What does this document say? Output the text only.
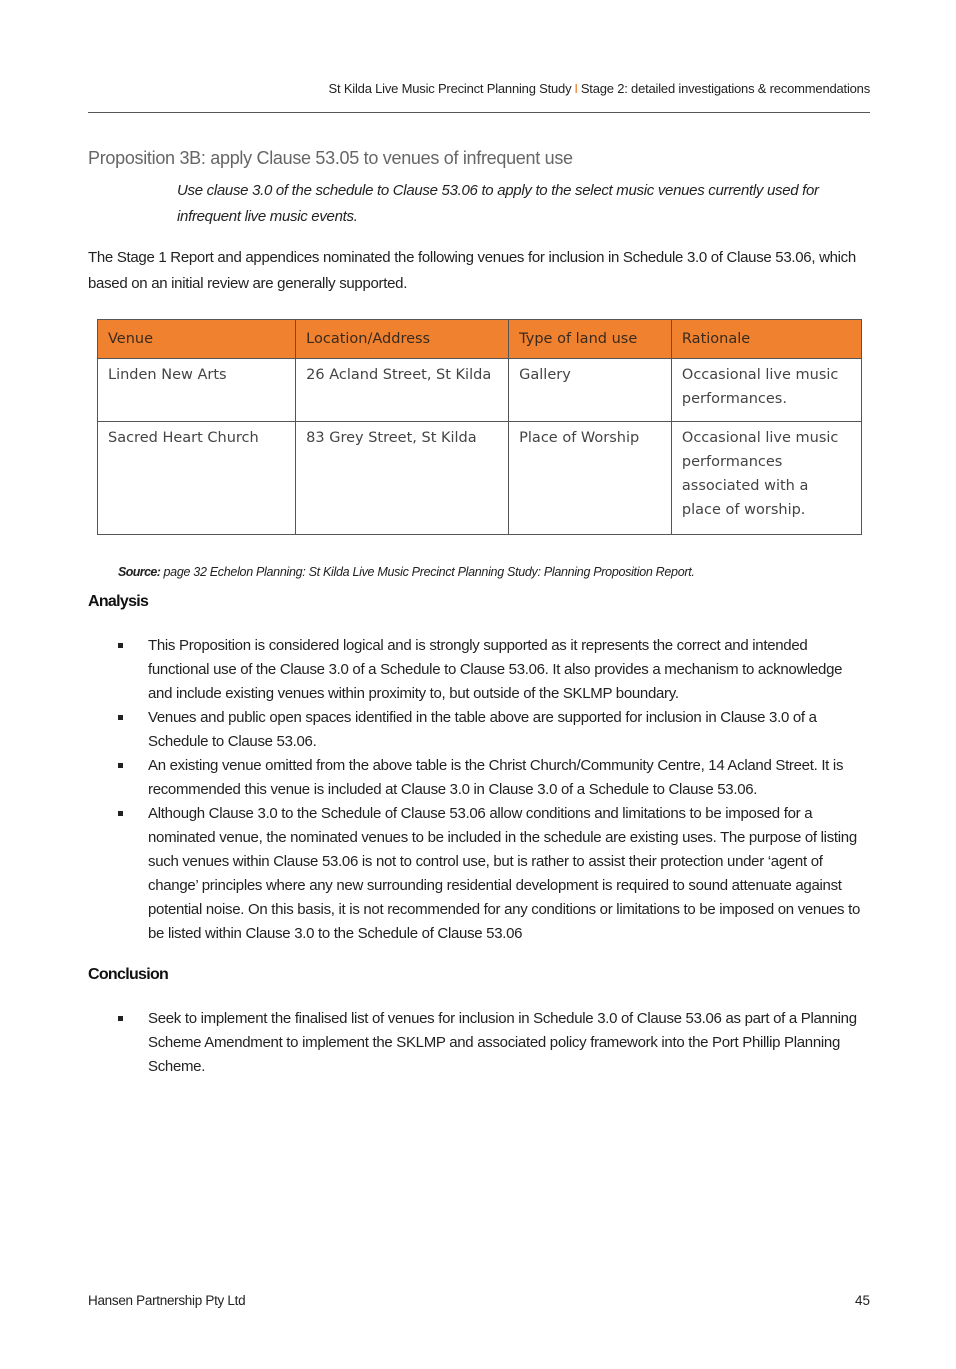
St Kilda Live Music Precinct Planning Study I Stage 2: detailed investigations & recommendations
Proposition 3B: apply Clause 53.05 to venues of infrequent use
Use clause 3.0 of the schedule to Clause 53.06 to apply to the select music venues currently used for infrequent live music events.
The Stage 1 Report and appendices nominated the following venues for inclusion in Schedule 3.0 of Clause 53.06, which based on an initial review are generally supported.
Venue	Location/Address	Type of land use	Rationale
Linden New Arts	26 Acland Street, St Kilda	Gallery	Occasional live music performances.
Sacred Heart Church	83 Grey Street, St Kilda	Place of Worship	Occasional live music performances associated with a place of worship.
Source: page 32 Echelon Planning: St Kilda Live Music Precinct Planning Study: Planning Proposition Report.
Analysis
This Proposition is considered logical and is strongly supported as it represents the correct and intended functional use of the Clause 3.0 of a Schedule to Clause 53.06. It also provides a mechanism to acknowledge and include existing venues within proximity to, but outside of the SKLMP boundary.
Venues and public open spaces identified in the table above are supported for inclusion in Clause 3.0 of a Schedule to Clause 53.06.
An existing venue omitted from the above table is the Christ Church/Community Centre, 14 Acland Street. It is recommended this venue is included at Clause 3.0 in Clause 3.0 of a Schedule to Clause 53.06.
Although Clause 3.0 to the Schedule of Clause 53.06 allow conditions and limitations to be imposed for a nominated venue, the nominated venues to be included in the schedule are existing uses. The purpose of listing such venues within Clause 53.06 is not to control use, but is rather to assist their protection under ‘agent of change’ principles where any new surrounding residential development is required to sound attenuate against potential noise. On this basis, it is not recommended for any conditions or limitations to be imposed on venues to be listed within Clause 3.0 to the Schedule of Clause 53.06
Conclusion
Seek to implement the finalised list of venues for inclusion in Schedule 3.0 of Clause 53.06 as part of a Planning Scheme Amendment to implement the SKLMP and associated policy framework into the Port Phillip Planning Scheme.
Hansen Partnership Pty Ltd	45
